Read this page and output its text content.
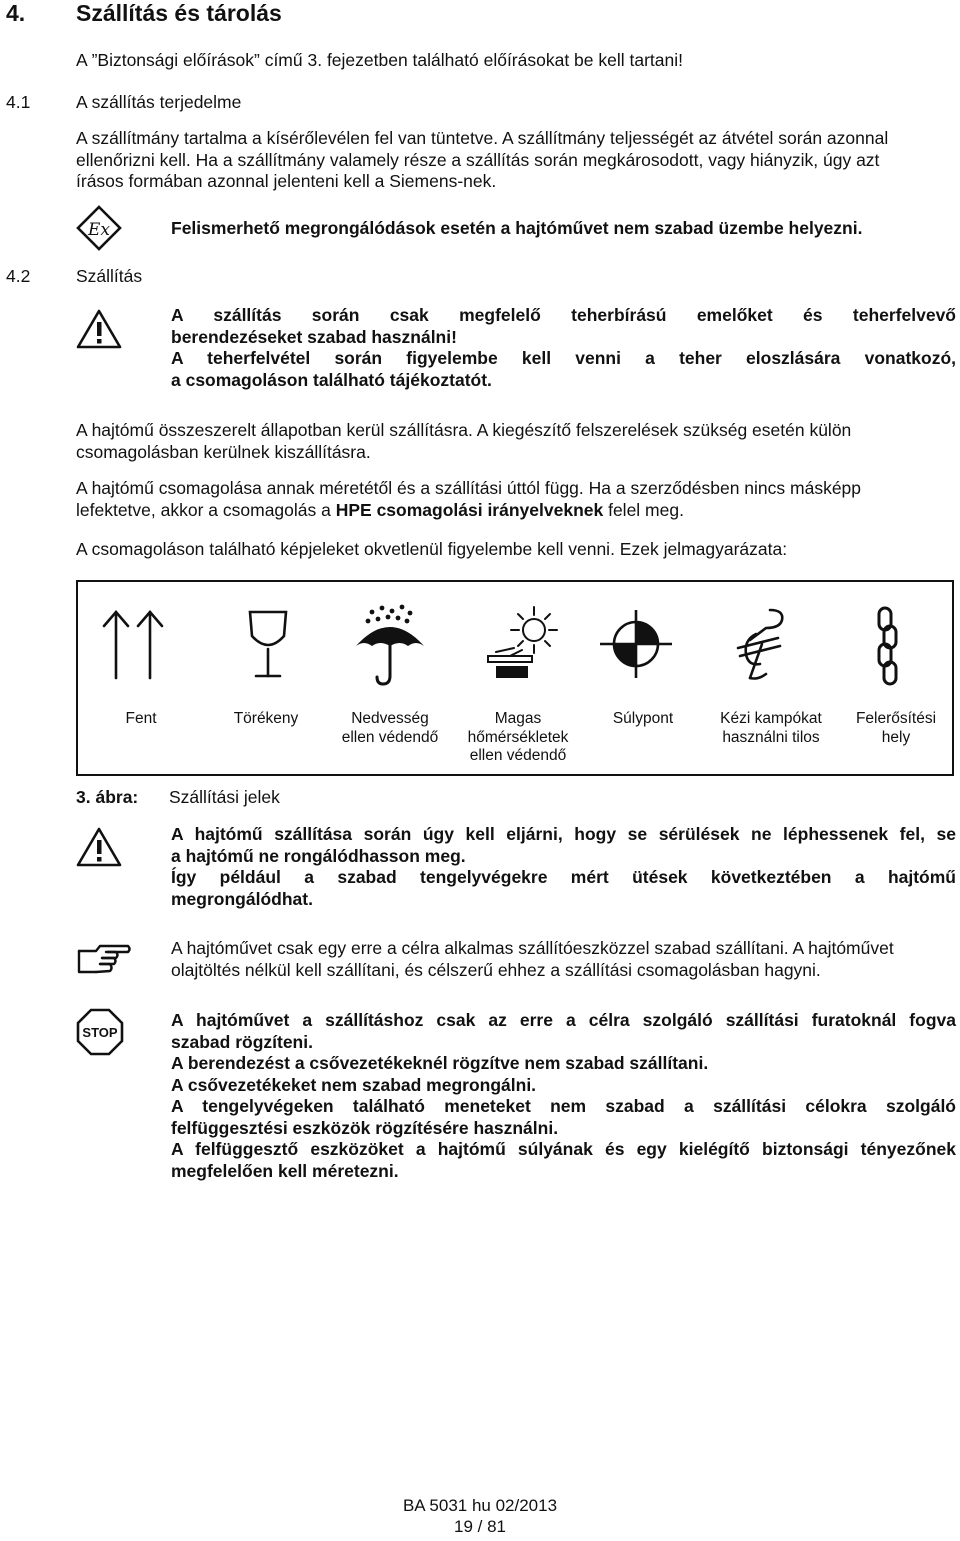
4. Szállítás és tárolás
A ”Biztonsági előírások” című 3. fejezetben található előírásokat be kell tartani!
4.1	A szállítás terjedelme
A szállítmány tartalma a kísérőlevélen fel van tüntetve. A szállítmány teljességét az átvétel során azonnal
ellenőrizni kell. Ha a szállítmány valamely része a szállítás során megkárosodott, vagy hiányzik, úgy azt
írásos formában azonnal jelenteni kell a Siemens-nek.
Ex	Felismerhető megrongálódások esetén a hajtóművet nem szabad üzembe helyezni.
4.2	Szállítás
A szállítás során csak megfelelő teherbírású emelőket és teherfelvevő
berendezéseket szabad használni!
A teherfelvétel során figyelembe kell venni a teher eloszlására vonatkozó,
a csomagoláson található tájékoztatót.
A hajtómű összeszerelt állapotban kerül szállításra. A kiegészítő felszerelések szükség esetén külön
csomagolásban kerülnek kiszállításra.
A hajtómű csomagolása annak méretétől és a szállítási úttól függ. Ha a szerződésben nincs másképp
lefektetve, akkor a csomagolás a HPE csomagolási irányelveknek felel meg.
A csomagoláson található képjeleket okvetlenül figyelembe kell venni. Ezek jelmagyarázata:
Fent	Törékeny	Nedvesség
ellen védendő
Magas
hőmérsékletek
ellen védendő
Súlypont	Kézi kampókat
használni tilos
Felerősítési
hely
3. ábra: Szállítási jelek
A hajtómű szállítása során úgy kell eljárni, hogy se sérülések ne léphessenek fel, se
a hajtómű ne rongálódhasson meg.
Így például a szabad tengelyvégekre mért ütések következtében a hajtómű
megrongálódhat.
A hajtóművet csak egy erre a célra alkalmas szállítóeszközzel szabad szállítani. A hajtóművet
olajtöltés nélkül kell szállítani, és célszerű ehhez a szállítási csomagolásban hagyni.
STOP
A hajtóművet a szállításhoz csak az erre a célra szolgáló szállítási furatoknál fogva
szabad rögzíteni.
A berendezést a csővezetékeknél rögzítve nem szabad szállítani.
A csővezetékeket nem szabad megrongálni.
A tengelyvégeken található meneteket nem szabad a szállítási célokra szolgáló
felfüggesztési eszközök rögzítésére használni.
A felfüggesztő eszközöket a hajtómű súlyának és egy kielégítő biztonsági tényezőnek
megfelelően kell méretezni.
BA 5031 hu 02/2013
19 / 81
